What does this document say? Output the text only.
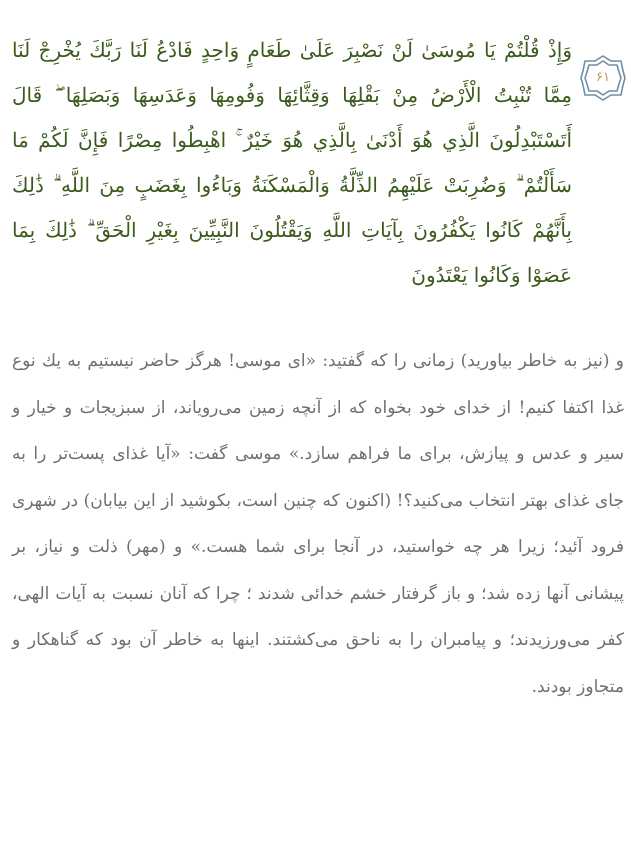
۶۱

وَإِذْ قُلْتُمْ يَا مُوسَىٰ لَنْ نَصْبِرَ عَلَىٰ طَعَامٍ وَاحِدٍ فَادْعُ لَنَا رَبَّكَ يُخْرِجْ لَنَا مِمَّا تُنْبِتُ الْأَرْضُ مِنْ بَقْلِهَا وَقِثَّائِهَا وَفُومِهَا وَعَدَسِهَا وَبَصَلِهَا ۖ قَالَ أَتَسْتَبْدِلُونَ الَّذِي هُوَ أَدْنَىٰ بِالَّذِي هُوَ خَيْرٌ ۚ اهْبِطُوا مِصْرًا فَإِنَّ لَكُمْ مَا سَأَلْتُمْ ۗ وَضُرِبَتْ عَلَيْهِمُ الذِّلَّةُ وَالْمَسْكَنَةُ وَبَاءُوا بِغَضَبٍ مِنَ اللَّهِ ۗ ذَٰلِكَ بِأَنَّهُمْ كَانُوا يَكْفُرُونَ بِآيَاتِ اللَّهِ وَيَقْتُلُونَ النَّبِيِّينَ بِغَيْرِ الْحَقِّ ۗ ذَٰلِكَ بِمَا عَصَوْا وَكَانُوا يَعْتَدُونَ

و (نیز به خاطر بیاورید) زمانی را که گفتید: «ای موسی! هرگز حاضر نیستیم به يك نوع غذا اکتفا کنیم! از خدای خود بخواه که از آنچه زمین می‌رویاند، از سبزیجات و خیار و سیر و عدس و پیازش، برای ما فراهم سازد.» موسی گفت: «آیا غذای پست‌تر را به جای غذای بهتر انتخاب می‌کنید؟! (اکنون که چنین است، بکوشید از این بیابان) در شهری فرود آئید؛ زیرا هر چه خواستید، در آنجا برای شما هست.» و (مهر) ذلت و نیاز، بر پیشانی آنها زده شد؛ و باز گرفتار خشم خدائی شدند ؛ چرا که آنان نسبت به آیات الهی، کفر می‌ورزیدند؛ و پیامبران را به ناحق می‌کشتند. اینها به خاطر آن بود که گناهکار و متجاوز بودند.
